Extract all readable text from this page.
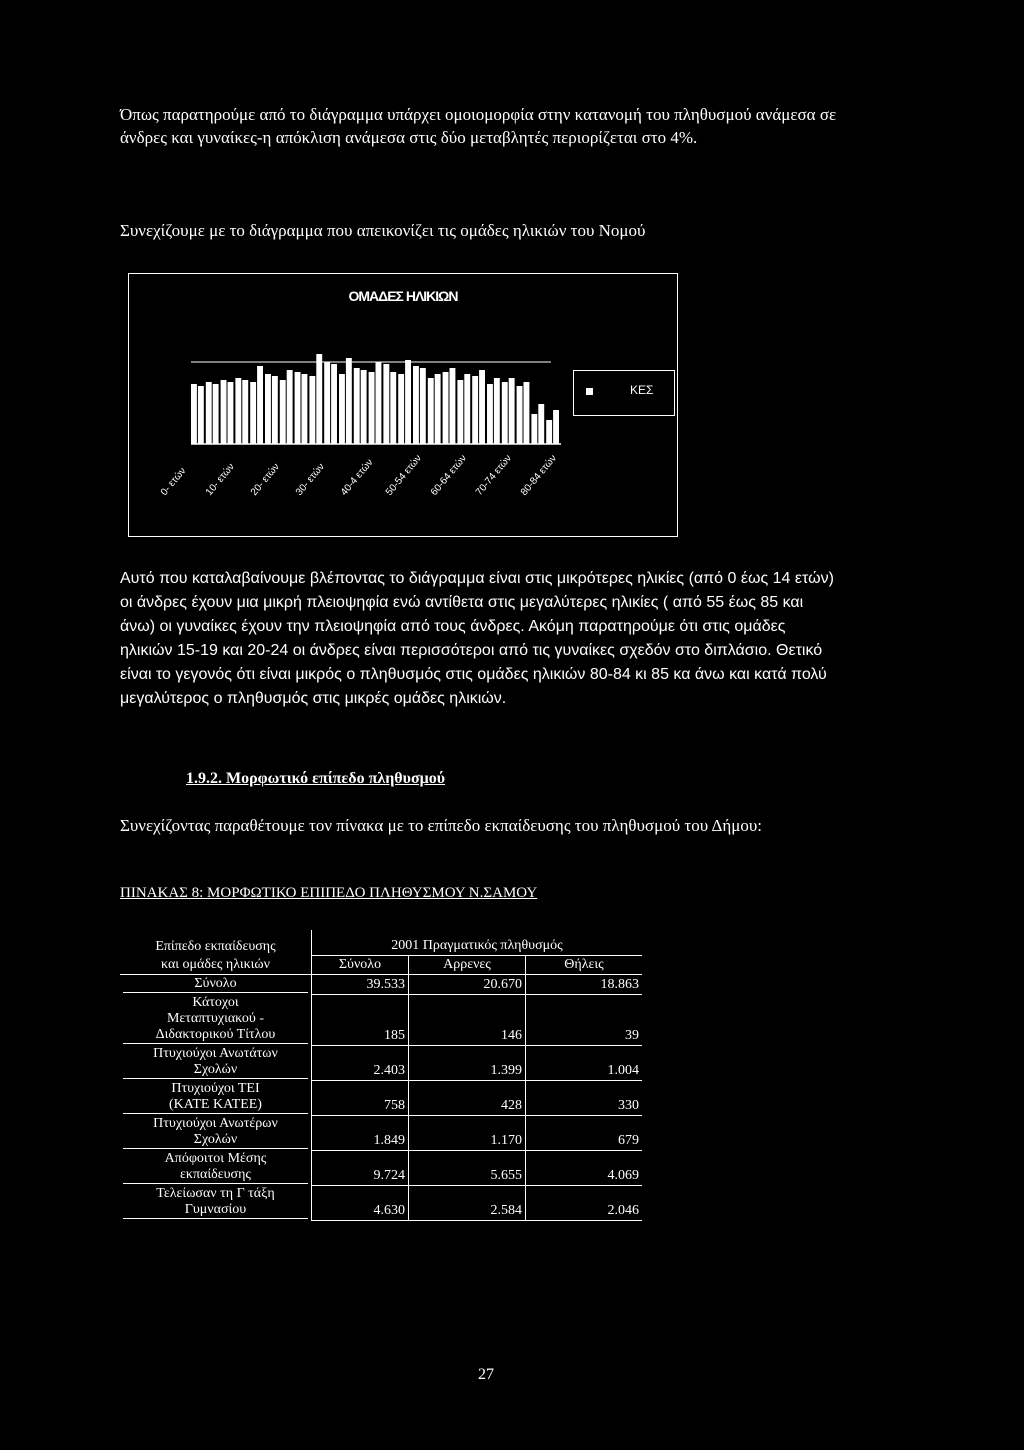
Όπως παρατηρούμε από το διάγραμμα υπάρχει ομοιομορφία στην κατανομή του πληθυσμού ανάμεσα σε άνδρες και γυναίκες-η απόκλιση ανάμεσα στις δύο μεταβλητές περιορίζεται στο 4%.
Συνεχίζουμε με το διάγραμμα που απεικονίζει τις ομάδες ηλικιών του Νομού
ΟΜΑΔΕΣ ΗΛΙΚΙΩΝ
0- ετών 10- ετών 20- ετών 30- ετών 40-4 ετών 50-54 ετών 60-64 ετών 70-74 ετών 80-84 ετών
ΚΕΣ
Αυτό που καταλαβαίνουμε βλέποντας το διάγραμμα είναι στις μικρότερες ηλικίες (από 0 έως 14 ετών) οι άνδρες έχουν μια μικρή πλειοψηφία ενώ αντίθετα στις μεγαλύτερες ηλικίες ( από 55 έως 85 και άνω) οι γυναίκες έχουν την πλειοψηφία από τους άνδρες. Ακόμη παρατηρούμε ότι στις ομάδες ηλικιών 15-19 και 20-24 οι άνδρες είναι περισσότεροι από τις γυναίκες σχεδόν στο διπλάσιο. Θετικό είναι το γεγονός ότι είναι μικρός ο πληθυσμός στις ομάδες ηλικιών 80-84 κι 85 κα άνω και κατά πολύ μεγαλύτερος ο πληθυσμός στις μικρές ομάδες ηλικιών.
1.9.2. Μορφωτικό επίπεδο πληθυσμού
Συνεχίζοντας παραθέτουμε τον πίνακα με το επίπεδο εκπαίδευσης του πληθυσμού του Δήμου:
ΠΙΝΑΚΑΣ 8: ΜΟΡΦΩΤΙΚΟ ΕΠΙΠΕΔΟ ΠΛΗΘΥΣΜΟΥ Ν.ΣΑΜΟΥ
Επίπεδο εκπαίδευσης	2001 Πραγματικός πληθυσμός		
και ομάδες ηλικιών	Σύνολο	Αρρενες	Θήλεις

Σύνολο	39.533	20.670	18.863

Κάτοχοι
Μεταπτυχιακού -
Διδακτορικού Τίτλου	185	146	39

Πτυχιούχοι Ανωτάτων
Σχολών	2.403	1.399	1.004

Πτυχιούχοι ΤΕΙ
(ΚΑΤΕ ΚΑΤΕΕ)	758	428	330

Πτυχιούχοι Ανωτέρων
Σχολών	1.849	1.170	679

Απόφοιτοι Μέσης
εκπαίδευσης	9.724	5.655	4.069

Τελείωσαν τη Γ τάξη
Γυμνασίου	4.630	2.584	2.046
27
